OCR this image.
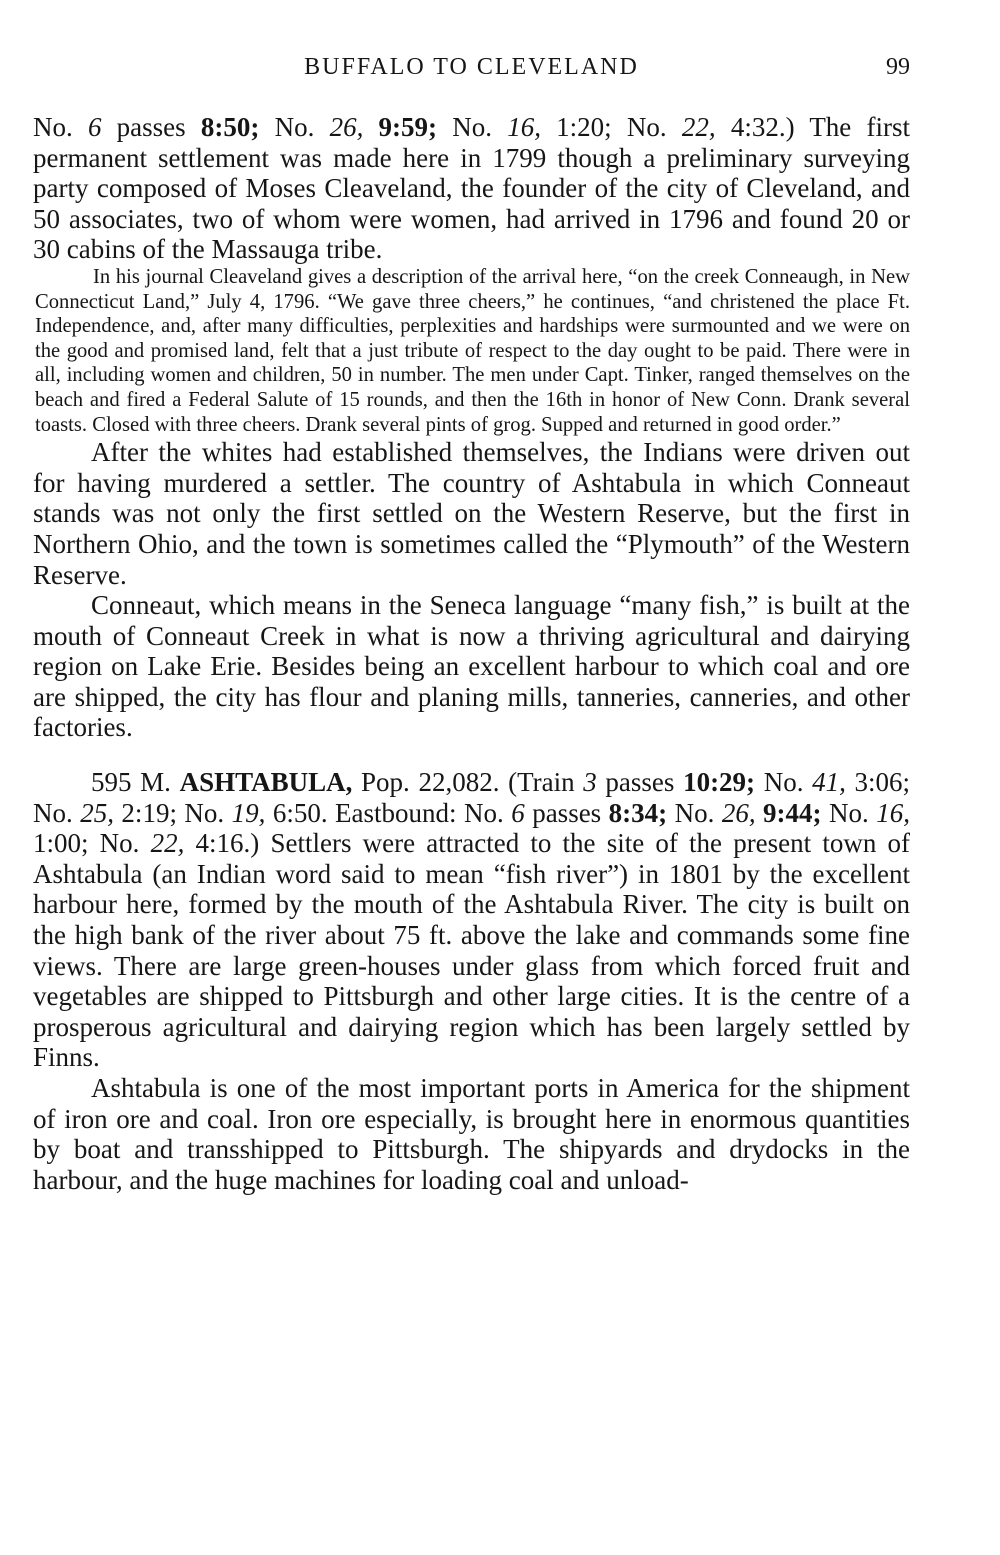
BUFFALO TO CLEVELAND	99

No. 6 passes 8:50; No. 26, 9:59; No. 16, 1:20; No. 22, 4:32.) The first permanent settlement was made here in 1799 though a preliminary surveying party composed of Moses Cleaveland, the founder of the city of Cleveland, and 50 associates, two of whom were women, had arrived in 1796 and found 20 or 30 cabins of the Massauga tribe.

In his journal Cleaveland gives a description of the arrival here, “on the creek Conneaugh, in New Connecticut Land,” July 4, 1796. “We gave three cheers,” he continues, “and christened the place Ft. Independence, and, after many difficulties, perplexities and hardships were surmounted and we were on the good and promised land, felt that a just tribute of respect to the day ought to be paid. There were in all, including women and children, 50 in number. The men under Capt. Tinker, ranged themselves on the beach and fired a Federal Salute of 15 rounds, and then the 16th in honor of New Conn. Drank several toasts. Closed with three cheers. Drank several pints of grog. Supped and returned in good order.”

After the whites had established themselves, the Indians were driven out for having murdered a settler. The country of Ashtabula in which Conneaut stands was not only the first settled on the Western Reserve, but the first in Northern Ohio, and the town is sometimes called the “Plymouth” of the Western Reserve.

Conneaut, which means in the Seneca language “many fish,” is built at the mouth of Conneaut Creek in what is now a thriving agricultural and dairying region on Lake Erie. Besides being an excellent harbour to which coal and ore are shipped, the city has flour and planing mills, tanneries, canneries, and other factories.

595 M. ASHTABULA, Pop. 22,082. (Train 3 passes 10:29; No. 41, 3:06; No. 25, 2:19; No. 19, 6:50. Eastbound: No. 6 passes 8:34; No. 26, 9:44; No. 16, 1:00; No. 22, 4:16.) Settlers were attracted to the site of the present town of Ashtabula (an Indian word said to mean “fish river”) in 1801 by the excellent harbour here, formed by the mouth of the Ashtabula River. The city is built on the high bank of the river about 75 ft. above the lake and commands some fine views. There are large green-houses under glass from which forced fruit and vegetables are shipped to Pittsburgh and other large cities. It is the centre of a prosperous agricultural and dairying region which has been largely settled by Finns.

Ashtabula is one of the most important ports in America for the shipment of iron ore and coal. Iron ore especially, is brought here in enormous quantities by boat and transshipped to Pittsburgh. The shipyards and drydocks in the harbour, and the huge machines for loading coal and unload-
